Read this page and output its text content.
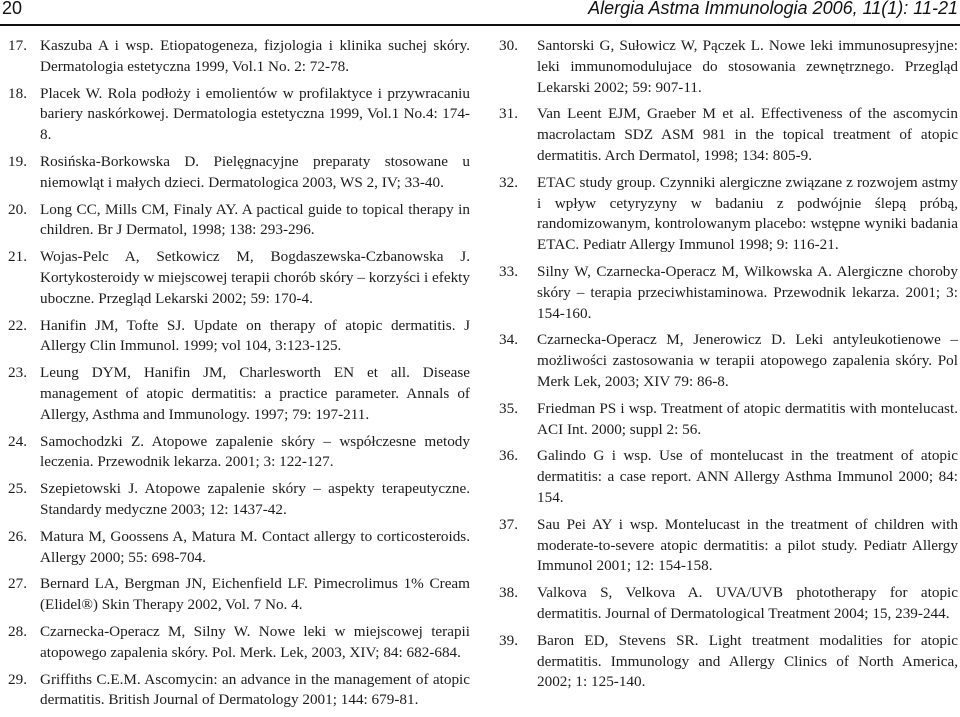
20	Alergia Astma Immunologia 2006, 11(1): 11-21
17. Kaszuba A i wsp. Etiopatogeneza, fizjologia i klinika suchej skóry. Dermatologia estetyczna 1999, Vol.1 No. 2: 72-78.
18. Placek W. Rola podłoży i emolientów w profilaktyce i przywracaniu bariery naskórkowej. Dermatologia estetyczna 1999, Vol.1 No.4: 174-8.
19. Rosińska-Borkowska D. Pielęgnacyjne preparaty stosowane u niemowląt i małych dzieci. Dermatologica 2003, WS 2, IV; 33-40.
20. Long CC, Mills CM, Finaly AY. A pactical guide to topical therapy in children. Br J Dermatol, 1998; 138: 293-296.
21. Wojas-Pelc A, Setkowicz M, Bogdaszewska-Czbanowska J. Kortykosteroidy w miejscowej terapii chorób skóry – korzyści i efekty uboczne. Przegląd Lekarski 2002; 59: 170-4.
22. Hanifin JM, Tofte SJ. Update on therapy of atopic dermatitis. J Allergy Clin Immunol. 1999; vol 104, 3:123-125.
23. Leung DYM, Hanifin JM, Charlesworth EN et all. Disease management of atopic dermatitis: a practice parameter. Annals of Allergy, Asthma and Immunology. 1997; 79: 197-211.
24. Samochodzki Z. Atopowe zapalenie skóry – współczesne metody leczenia. Przewodnik lekarza. 2001; 3: 122-127.
25. Szepietowski J. Atopowe zapalenie skóry – aspekty terapeutyczne. Standardy medyczne 2003; 12: 1437-42.
26. Matura M, Goossens A, Matura M. Contact allergy to corticosteroids. Allergy 2000; 55: 698-704.
27. Bernard LA, Bergman JN, Eichenfield LF. Pimecrolimus 1% Cream (Elidel®) Skin Therapy 2002, Vol. 7 No. 4.
28. Czarnecka-Operacz M, Silny W. Nowe leki w miejscowej terapii atopowego zapalenia skóry. Pol. Merk. Lek, 2003, XIV; 84: 682-684.
29. Griffiths C.E.M. Ascomycin: an advance in the management of atopic dermatitis. British Journal of Dermatology 2001; 144: 679-81.
30. Santorski G, Sułowicz W, Pączek L. Nowe leki immunosupresyjne: leki immunomodulujace do stosowania zewnętrznego. Przegląd Lekarski 2002; 59: 907-11.
31. Van Leent EJM, Graeber M et al. Effectiveness of the ascomycin macrolactam SDZ ASM 981 in the topical treatment of atopic dermatitis. Arch Dermatol, 1998; 134: 805-9.
32. ETAC study group. Czynniki alergiczne związane z rozwojem astmy i wpływ cetyryzyny w badaniu z podwójnie ślepą próbą, randomizowanym, kontrolowanym placebo: wstępne wyniki badania ETAC. Pediatr Allergy Immunol 1998; 9: 116-21.
33. Silny W, Czarnecka-Operacz M, Wilkowska A. Alergiczne choroby skóry – terapia przeciwhistaminowa. Przewodnik lekarza. 2001; 3: 154-160.
34. Czarnecka-Operacz M, Jenerowicz D. Leki antyleukotienowe – możliwości zastosowania w terapii atopowego zapalenia skóry. Pol Merk Lek, 2003; XIV 79: 86-8.
35. Friedman PS i wsp. Treatment of atopic dermatitis with montelucast. ACI Int. 2000; suppl 2: 56.
36. Galindo G i wsp. Use of montelucast in the treatment of atopic dermatitis: a case report. ANN Allergy Asthma Immunol 2000; 84: 154.
37. Sau Pei AY i wsp. Montelucast in the treatment of children with moderate-to-severe atopic dermatitis: a pilot study. Pediatr Allergy Immunol 2001; 12: 154-158.
38. Valkova S, Velkova A. UVA/UVB phototherapy for atopic dermatitis. Journal of Dermatological Treatment 2004; 15, 239-244.
39. Baron ED, Stevens SR. Light treatment modalities for atopic dermatitis. Immunology and Allergy Clinics of North America, 2002; 1: 125-140.
